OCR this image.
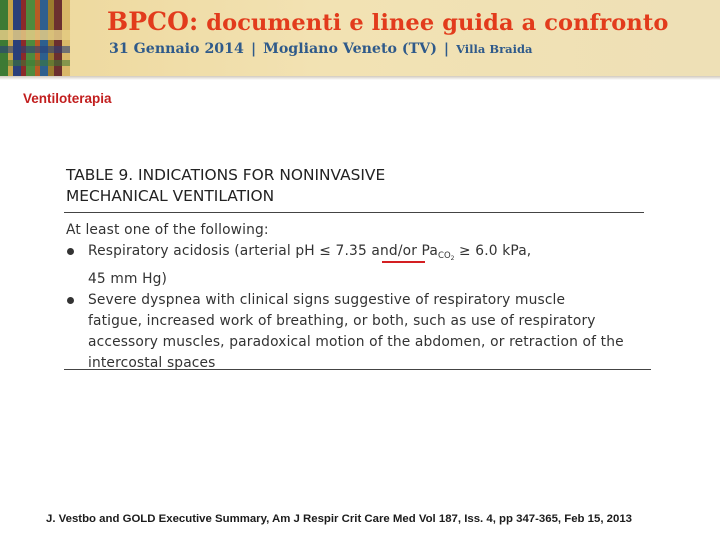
BPCO: documenti e linee guida a confronto
31 Gennaio 2014 | Mogliano Veneto (TV) | Villa Braida
Ventiloterapia
TABLE 9. INDICATIONS FOR NONINVASIVE
MECHANICAL VENTILATION
At least one of the following:
Respiratory acidosis (arterial pH ≤ 7.35 and/or $Pa_{CO_2} \ge 6.0$ kPa,
45 mm Hg)
Severe dyspnea with clinical signs suggestive of respiratory muscle
fatigue, increased work of breathing, or both, such as use of respiratory
accessory muscles, paradoxical motion of the abdomen, or retraction of the
intercostal spaces
J. Vestbo and GOLD Executive Summary, Am J Respir Crit Care Med Vol 187, Iss. 4, pp 347-365, Feb 15, 2013
